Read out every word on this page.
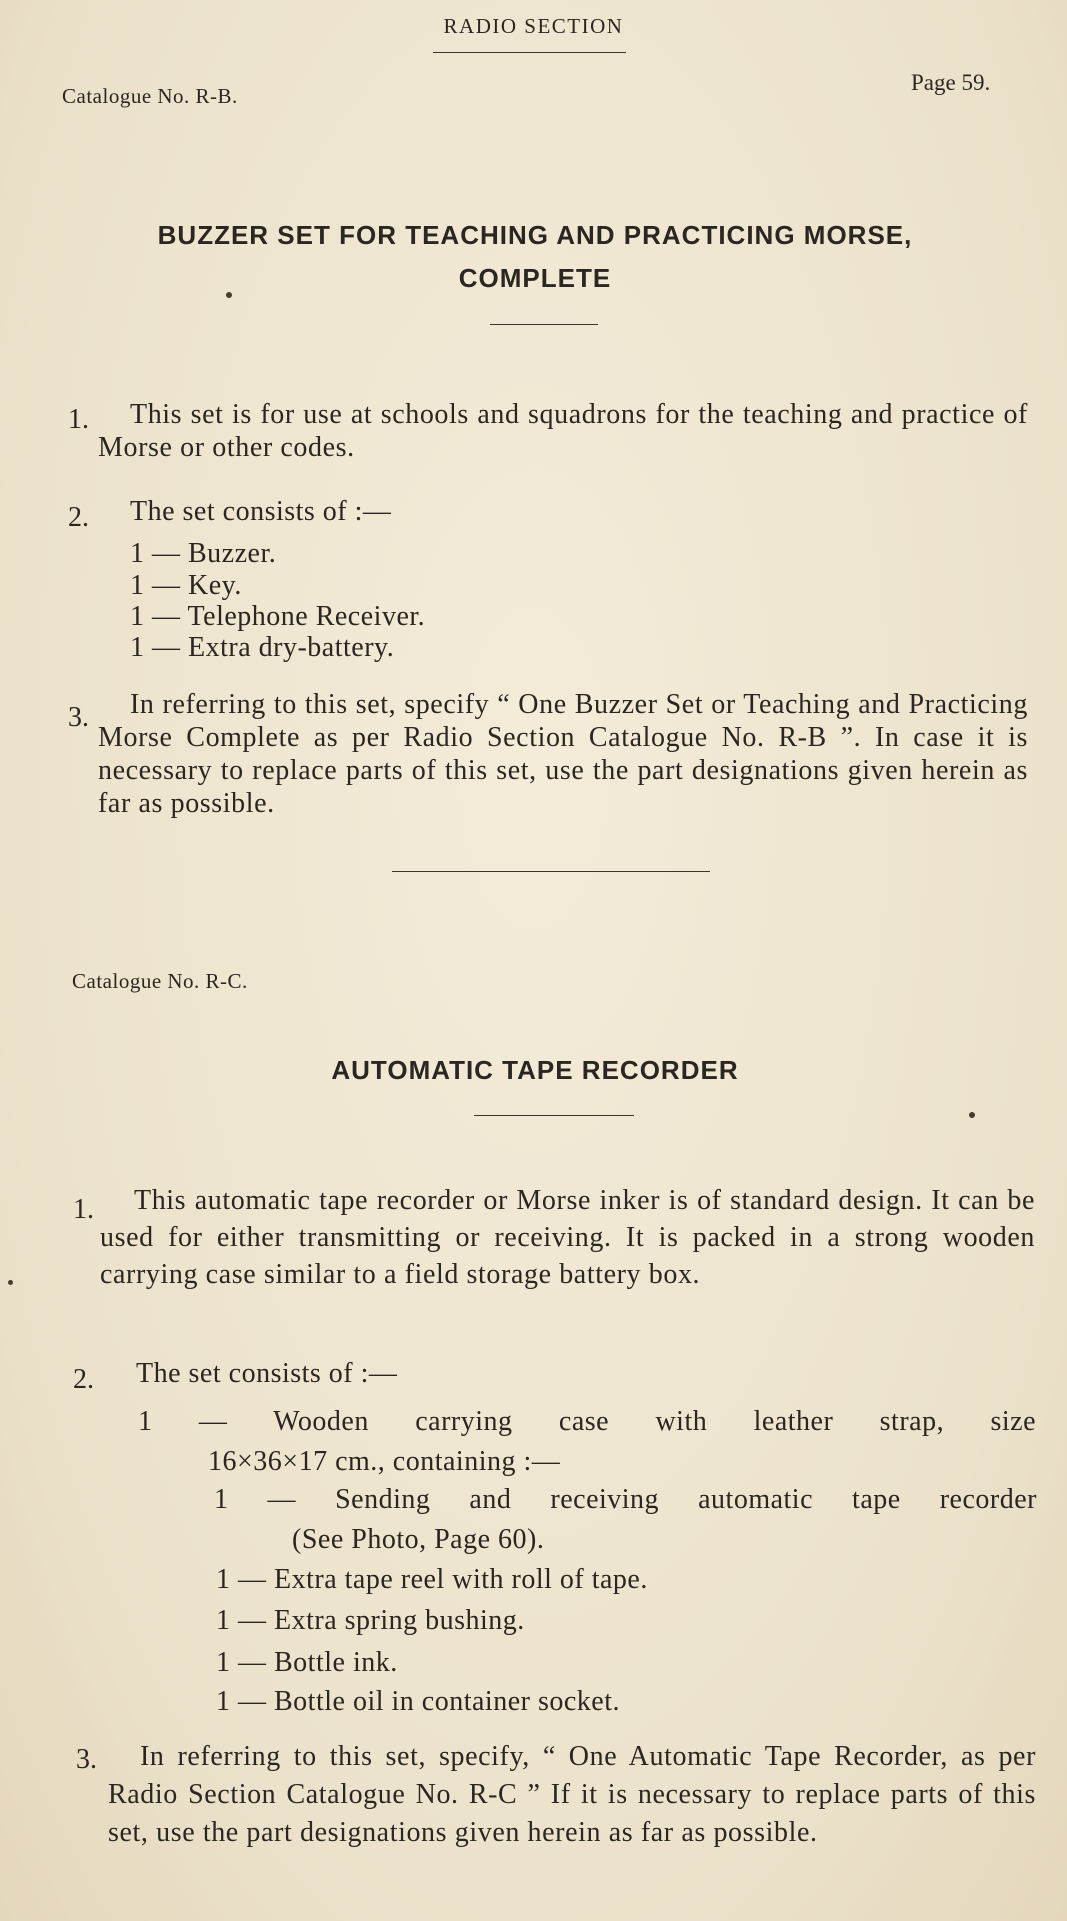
RADIO SECTION
Catalogue No. R-B.
Page 59.
BUZZER SET FOR TEACHING AND PRACTICING MORSE,
COMPLETE
1.	This set is for use at schools and squadrons for the teaching and practice of Morse or other codes.
2. The set consists of :—
1 — Buzzer.
1 — Key.
1 — Telephone Receiver.
1 — Extra dry-battery.
3.	In referring to this set, specify “ One Buzzer Set or Teaching and Practicing Morse Complete as per Radio Section Catalogue No. R-B ”. In case it is necessary to replace parts of this set, use the part designations given herein as far as possible.
Catalogue No. R-C.
AUTOMATIC TAPE RECORDER
1.	This automatic tape recorder or Morse inker is of standard design. It can be used for either transmitting or receiving. It is packed in a strong wooden carrying case similar to a field storage battery box.
2. The set consists of :—
1 — Wooden carrying case with leather strap, size
16×36×17 cm., containing :—
1 — Sending and receiving automatic tape recorder
(See Photo, Page 60).
1 — Extra tape reel with roll of tape.
1 — Extra spring bushing.
1 — Bottle ink.
1 — Bottle oil in container socket.
3.	In referring to this set, specify, “ One Automatic Tape Recorder, as per Radio Section Catalogue No. R-C ” If it is necessary to replace parts of this set, use the part designations given herein as far as possible.
